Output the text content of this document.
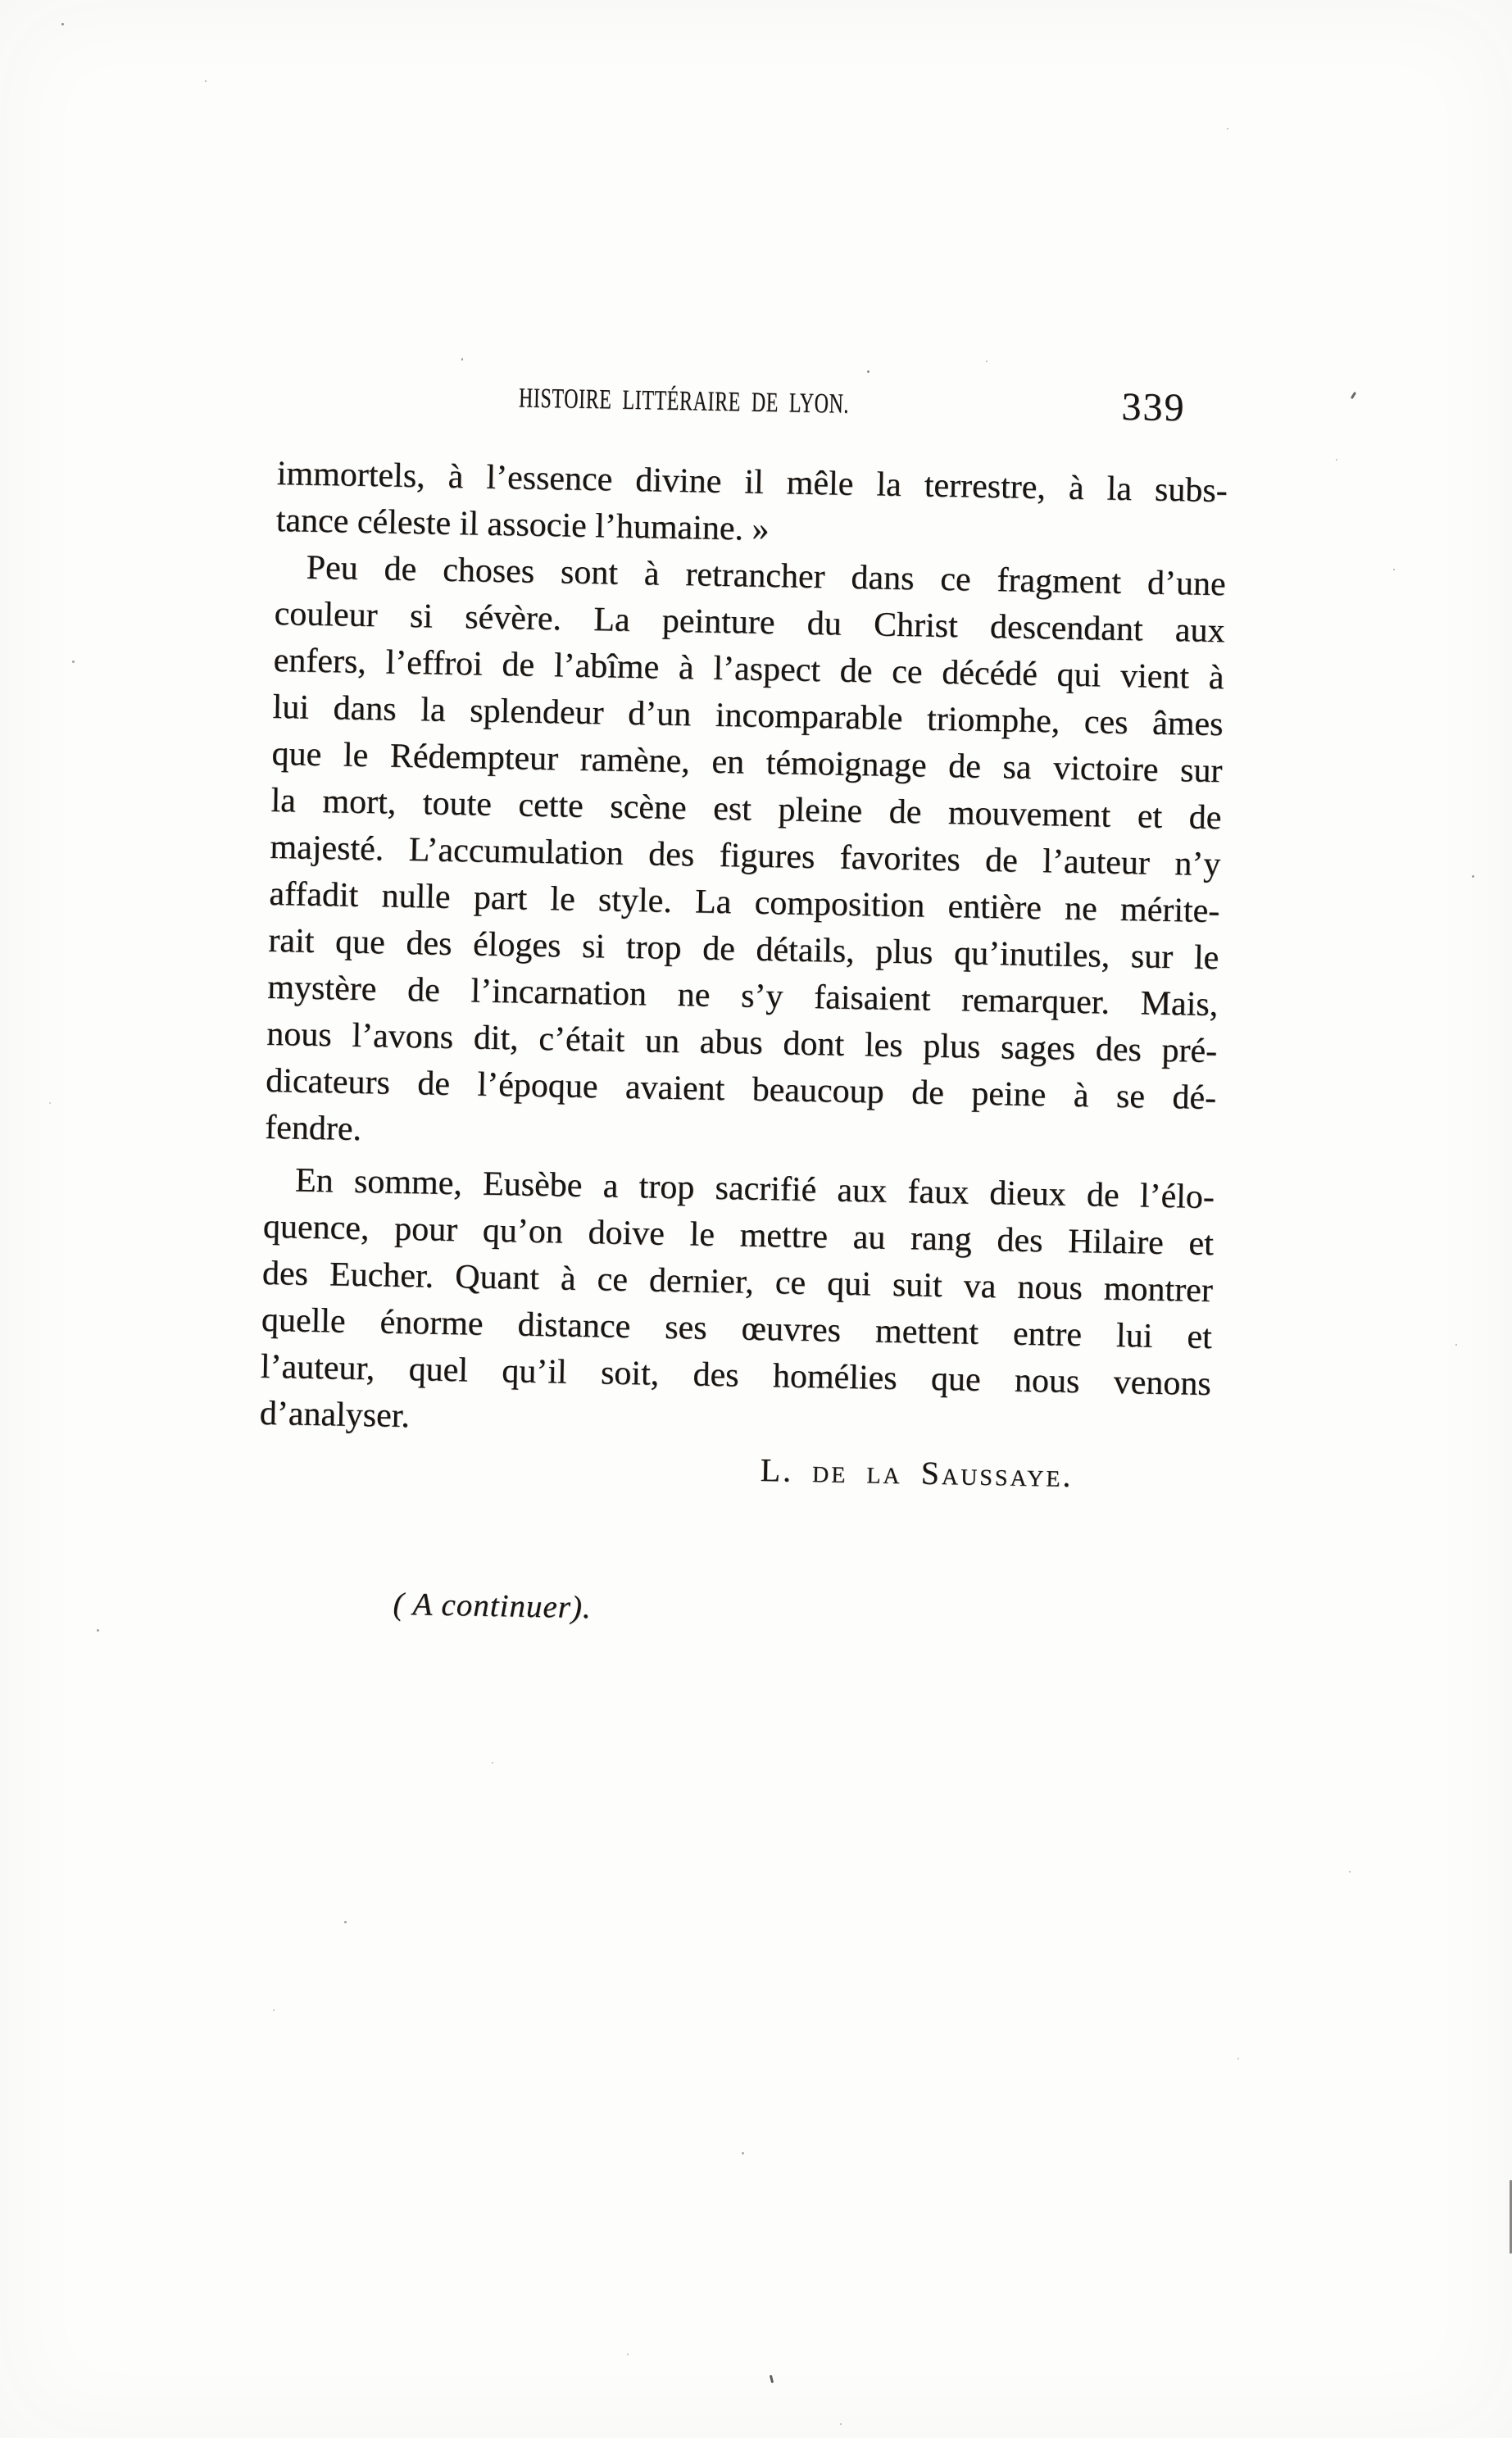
HISTOIRE LITTÉRAIRE DE LYON.	339
immortels, à l’essence divine il mêle la terrestre, à la subs-
tance céleste il associe l’humaine. »
Peu de choses sont à retrancher dans ce fragment d’une
couleur si sévère. La peinture du Christ descendant aux
enfers, l’effroi de l’abîme à l’aspect de ce décédé qui vient à
lui dans la splendeur d’un incomparable triomphe, ces âmes
que le Rédempteur ramène, en témoignage de sa victoire sur
la mort, toute cette scène est pleine de mouvement et de
majesté. L’accumulation des figures favorites de l’auteur n’y
affadit nulle part le style. La composition entière ne mérite-
rait que des éloges si trop de détails, plus qu’inutiles, sur le
mystère de l’incarnation ne s’y faisaient remarquer. Mais,
nous l’avons dit, c’était un abus dont les plus sages des pré-
dicateurs de l’époque avaient beaucoup de peine à se dé-
fendre.
En somme, Eusèbe a trop sacrifié aux faux dieux de l’élo-
quence, pour qu’on doive le mettre au rang des Hilaire et
des Eucher. Quant à ce dernier, ce qui suit va nous montrer
quelle énorme distance ses œuvres mettent entre lui et
l’auteur, quel qu’il soit, des homélies que nous venons
d’analyser.
L. de la Saussaye.
( A continuer).
